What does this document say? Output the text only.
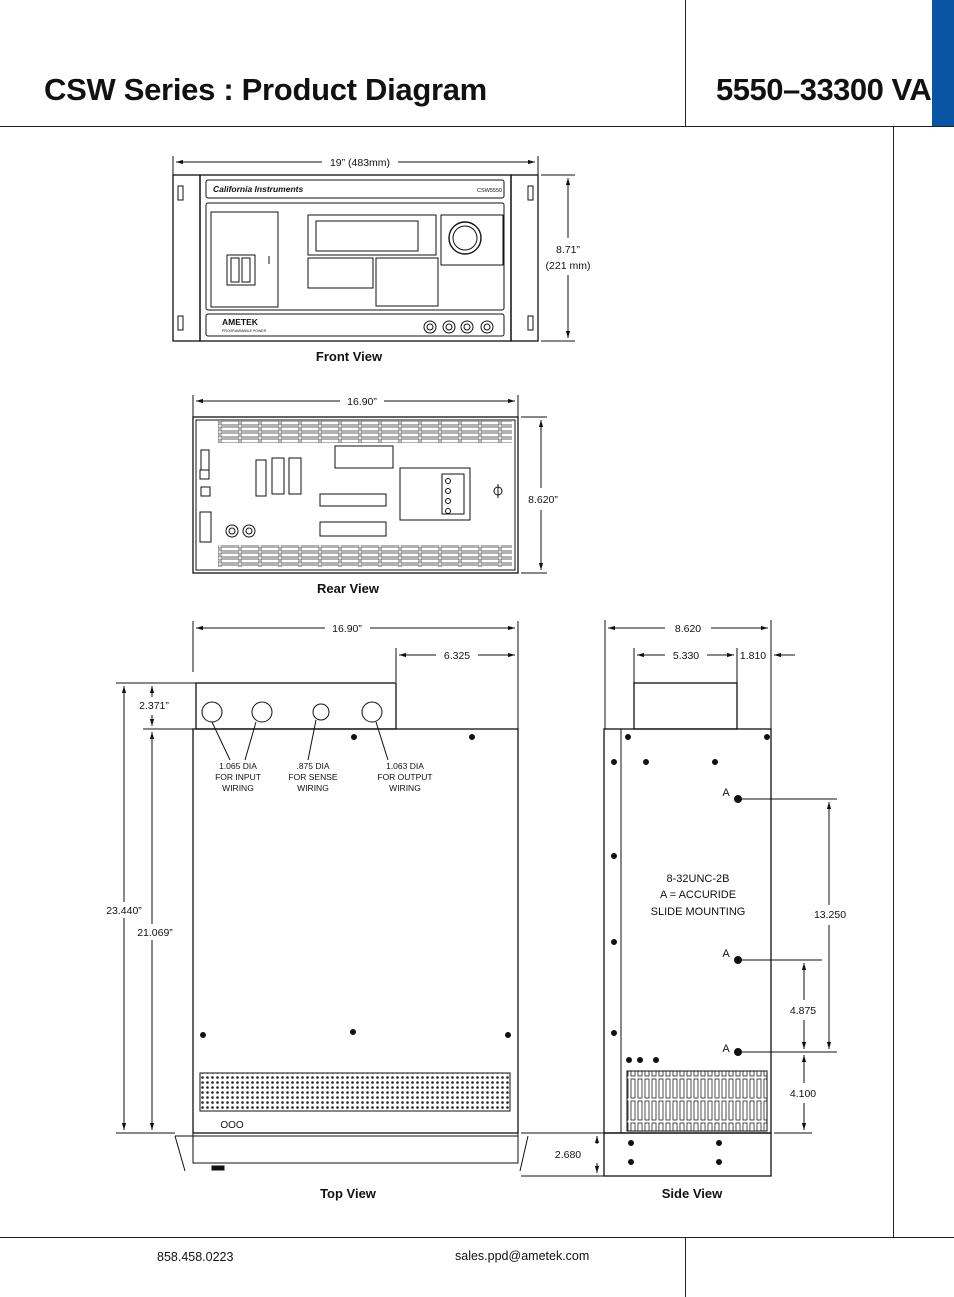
CSW Series : Product Diagram	5550–33300 VA
858.458.0223	sales.ppd@ametek.com
19” (483mm)
8.71”
(221 mm)
California Instruments	CSW5550
AMETEK
PROGRAMMABLE POWER
Front View
16.90”
8.620”
Rear View
16.90”
6.325
2.371”
23.440”
21.069”
2.680
1.065 DIA
FOR INPUT
WIRING
.875 DIA
FOR SENSE
WIRING
1.063 DIA
FOR OUTPUT
WIRING
OOO
Top View
8.620
5.330	1.810
A
A
A
8-32UNC-2B
A = ACCURIDE
SLIDE MOUNTING	13.250
4.875
4.100
Side View
